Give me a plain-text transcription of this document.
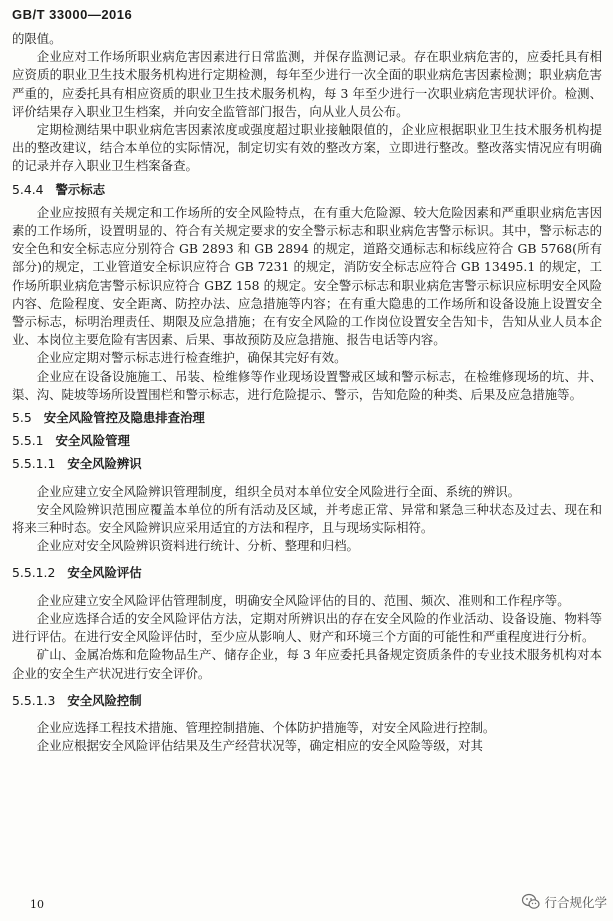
GB/T 33000—2016

的限值。

企业应对工作场所职业病危害因素进行日常监测，并保存监测记录。存在职业病危害的，应委托具有相应资质的职业卫生技术服务机构进行定期检测，每年至少进行一次全面的职业病危害因素检测；职业病危害严重的，应委托具有相应资质的职业卫生技术服务机构，每 3 年至少进行一次职业病危害现状评价。检测、评价结果存入职业卫生档案，并向安全监管部门报告，向从业人员公布。

定期检测结果中职业病危害因素浓度或强度超过职业接触限值的，企业应根据职业卫生技术服务机构提出的整改建议，结合本单位的实际情况，制定切实有效的整改方案，立即进行整改。整改落实情况应有明确的记录并存入职业卫生档案备查。

5.4.4 警示标志

企业应按照有关规定和工作场所的安全风险特点，在有重大危险源、较大危险因素和严重职业病危害因素的工作场所，设置明显的、符合有关规定要求的安全警示标志和职业病危害警示标识。其中，警示标志的安全色和安全标志应分别符合 GB 2893 和 GB 2894 的规定，道路交通标志和标线应符合 GB 5768(所有部分)的规定，工业管道安全标识应符合 GB 7231 的规定，消防安全标志应符合 GB 13495.1 的规定，工作场所职业病危害警示标识应符合 GBZ 158 的规定。安全警示标志和职业病危害警示标识应标明安全风险内容、危险程度、安全距离、防控办法、应急措施等内容；在有重大隐患的工作场所和设备设施上设置安全警示标志，标明治理责任、期限及应急措施；在有安全风险的工作岗位设置安全告知卡，告知从业人员本企业、本岗位主要危险有害因素、后果、事故预防及应急措施、报告电话等内容。

企业应定期对警示标志进行检查维护，确保其完好有效。

企业应在设备设施施工、吊装、检维修等作业现场设置警戒区域和警示标志，在检维修现场的坑、井、渠、沟、陡坡等场所设置围栏和警示标志，进行危险提示、警示，告知危险的种类、后果及应急措施等。

5.5 安全风险管控及隐患排查治理
5.5.1 安全风险管理
5.5.1.1 安全风险辨识

企业应建立安全风险辨识管理制度，组织全员对本单位安全风险进行全面、系统的辨识。

安全风险辨识范围应覆盖本单位的所有活动及区域，并考虑正常、异常和紧急三种状态及过去、现在和将来三种时态。安全风险辨识应采用适宜的方法和程序，且与现场实际相符。

企业应对安全风险辨识资料进行统计、分析、整理和归档。

5.5.1.2 安全风险评估

企业应建立安全风险评估管理制度，明确安全风险评估的目的、范围、频次、准则和工作程序等。

企业应选择合适的安全风险评估方法，定期对所辨识出的存在安全风险的作业活动、设备设施、物料等进行评估。在进行安全风险评估时，至少应从影响人、财产和环境三个方面的可能性和严重程度进行分析。

矿山、金属冶炼和危险物品生产、储存企业，每 3 年应委托具备规定资质条件的专业技术服务机构对本企业的安全生产状况进行安全评价。

5.5.1.3 安全风险控制

企业应选择工程技术措施、管理控制措施、个体防护措施等，对安全风险进行控制。

企业应根据安全风险评估结果及生产经营状况等，确定相应的安全风险等级，对其

10	行合规化学
